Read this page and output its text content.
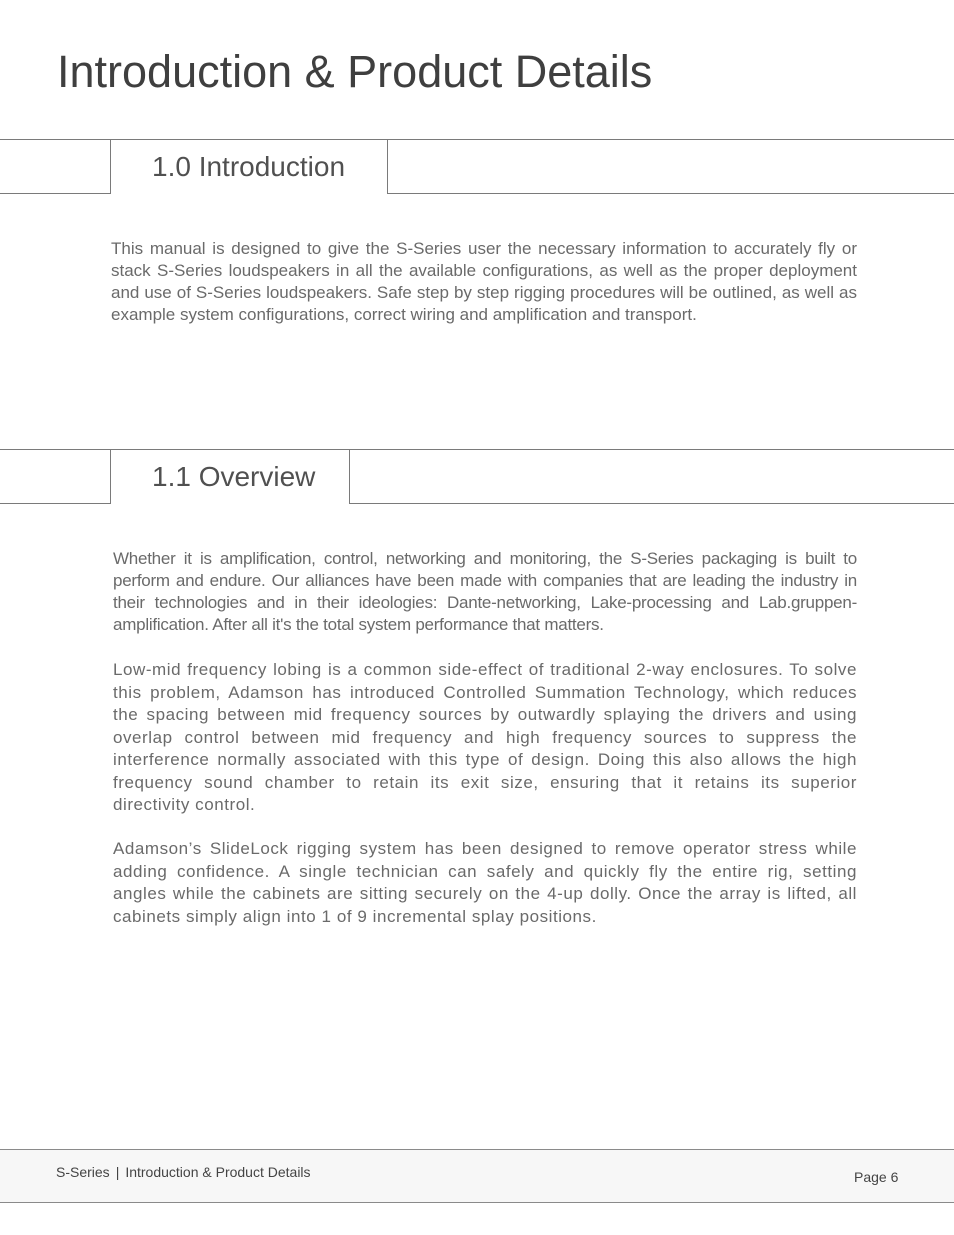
Introduction & Product Details
1.0 Introduction

This manual is designed to give the S-Series user the necessary information to accurately fly or stack S-Series loudspeakers in all the available configurations, as well as the proper deployment and use of S-Series loudspeakers. Safe step by step rigging procedures will be outlined, as well as example system configurations, correct wiring and amplification and transport.

1.1 Overview

Whether it is amplification, control, networking and monitoring, the S-Series packaging is built to perform and endure. Our alliances have been made with companies that are leading the industry in their technologies and in their ideologies: Dante-networking, Lake-processing and Lab.gruppen-amplification. After all it's the total system performance that matters.

Low-mid frequency lobing is a common side-effect of traditional 2-way enclosures. To solve this problem, Adamson has introduced Controlled Summation Technology, which reduces the spacing between mid frequency sources by outwardly splaying the drivers and using overlap control between mid frequency and high frequency sources to suppress the interference normally associated with this type of design. Doing this also allows the high frequency sound chamber to retain its exit size, ensuring that it retains its superior directivity control.

Adamson’s SlideLock rigging system has been designed to remove operator stress while adding confidence. A single technician can safely and quickly fly the entire rig, setting angles while the cabinets are sitting securely on the 4-up dolly. Once the array is lifted, all cabinets simply align into 1 of 9 incremental splay positions.

S-Series | Introduction & Product Details	Page 6
